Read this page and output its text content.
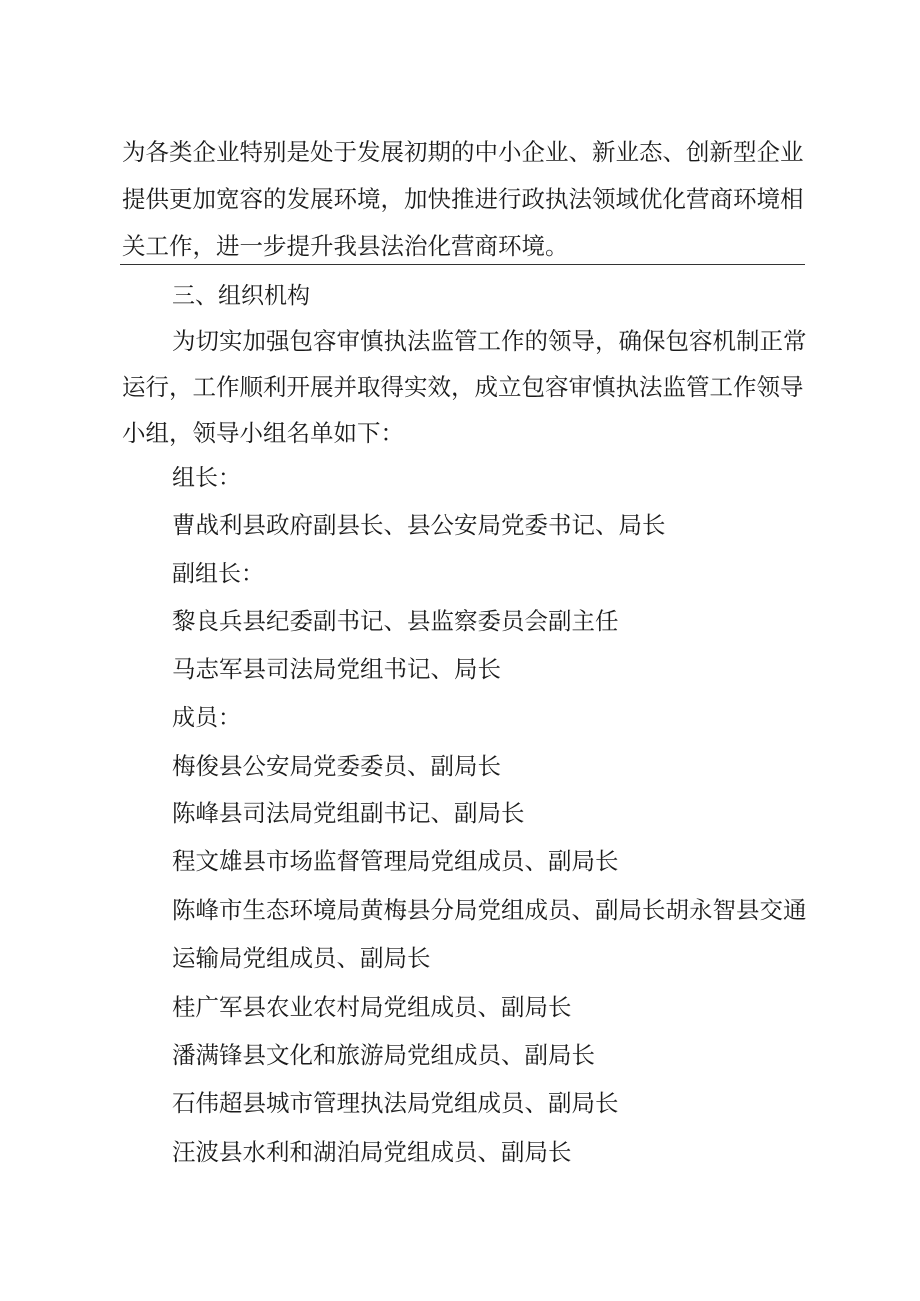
为各类企业特别是处于发展初期的中小企业、新业态、创新型企业
提供更加宽容的发展环境，加快推进行政执法领域优化营商环境相
关工作，进一步提升我县法治化营商环境。
三、组织机构
为切实加强包容审慎执法监管工作的领导，确保包容机制正常
运行，工作顺利开展并取得实效，成立包容审慎执法监管工作领导
小组，领导小组名单如下：
组长：
曹战利县政府副县长、县公安局党委书记、局长
副组长：
黎良兵县纪委副书记、县监察委员会副主任
马志军县司法局党组书记、局长
成员：
梅俊县公安局党委委员、副局长
陈峰县司法局党组副书记、副局长
程文雄县市场监督管理局党组成员、副局长
陈峰市生态环境局黄梅县分局党组成员、副局长胡永智县交通
运输局党组成员、副局长
桂广军县农业农村局党组成员、副局长
潘满锋县文化和旅游局党组成员、副局长
石伟超县城市管理执法局党组成员、副局长
汪波县水利和湖泊局党组成员、副局长
